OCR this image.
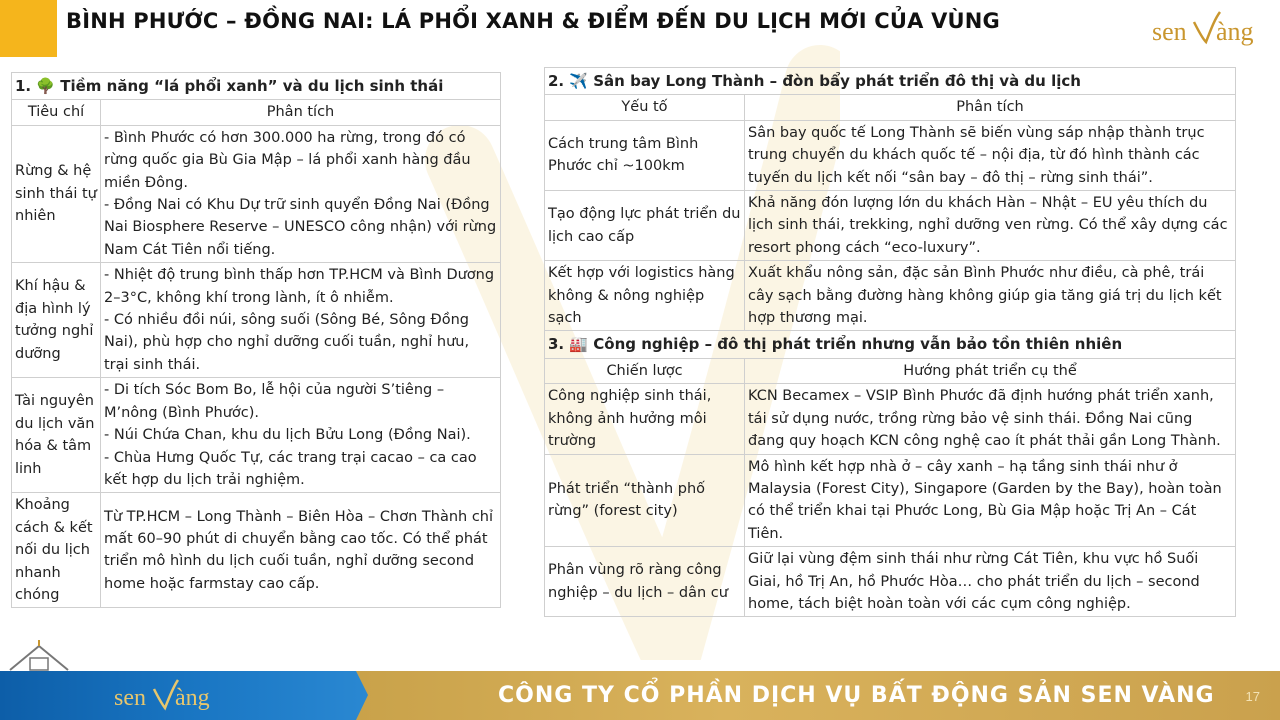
BÌNH PHƯỚC – ĐỒNG NAI: LÁ PHỔI XANH & ĐIỂM ĐẾN DU LỊCH MỚI CỦA VÙNG	sen àng
1. 🌳 Tiềm năng “lá phổi xanh” và du lịch sinh thái	
Tiêu chí	Phân tích
Rừng & hệ sinh thái tự nhiên	- Bình Phước có hơn 300.000 ha rừng, trong đó có rừng quốc gia Bù Gia Mập – lá phổi xanh hàng đầu miền Đông.
- Đồng Nai có Khu Dự trữ sinh quyển Đồng Nai (Đồng Nai Biosphere Reserve – UNESCO công nhận) với rừng Nam Cát Tiên nổi tiếng.
Khí hậu & địa hình lý tưởng nghỉ dưỡng	- Nhiệt độ trung bình thấp hơn TP.HCM và Bình Dương 2–3°C, không khí trong lành, ít ô nhiễm.
- Có nhiều đồi núi, sông suối (Sông Bé, Sông Đồng Nai), phù hợp cho nghỉ dưỡng cuối tuần, nghỉ hưu, trại sinh thái.
Tài nguyên du lịch văn hóa & tâm linh	- Di tích Sóc Bom Bo, lễ hội của người S’tiêng – M’nông (Bình Phước).
- Núi Chứa Chan, khu du lịch Bửu Long (Đồng Nai).
- Chùa Hưng Quốc Tự, các trang trại cacao – ca cao kết hợp du lịch trải nghiệm.
Khoảng cách & kết nối du lịch nhanh chóng	Từ TP.HCM – Long Thành – Biên Hòa – Chơn Thành chỉ mất 60–90 phút di chuyển bằng cao tốc. Có thể phát triển mô hình du lịch cuối tuần, nghỉ dưỡng second home hoặc farmstay cao cấp.
2. ✈️ Sân bay Long Thành – đòn bẩy phát triển đô thị và du lịch	
Yếu tố	Phân tích
Cách trung tâm Bình Phước chỉ ~100km	Sân bay quốc tế Long Thành sẽ biến vùng sáp nhập thành trục trung chuyển du khách quốc tế – nội địa, từ đó hình thành các tuyến du lịch kết nối “sân bay – đô thị – rừng sinh thái”.
Tạo động lực phát triển du lịch cao cấp	Khả năng đón lượng lớn du khách Hàn – Nhật – EU yêu thích du lịch sinh thái, trekking, nghỉ dưỡng ven rừng. Có thể xây dựng các resort phong cách “eco-luxury”.
Kết hợp với logistics hàng không & nông nghiệp sạch	Xuất khẩu nông sản, đặc sản Bình Phước như điều, cà phê, trái cây sạch bằng đường hàng không giúp gia tăng giá trị du lịch kết hợp thương mại.
3. 🏭 Công nghiệp – đô thị phát triển nhưng vẫn bảo tồn thiên nhiên	
Chiến lược	Hướng phát triển cụ thể
Công nghiệp sinh thái, không ảnh hưởng môi trường	KCN Becamex – VSIP Bình Phước đã định hướng phát triển xanh, tái sử dụng nước, trồng rừng bảo vệ sinh thái. Đồng Nai cũng đang quy hoạch KCN công nghệ cao ít phát thải gần Long Thành.
Phát triển “thành phố rừng” (forest city)	Mô hình kết hợp nhà ở – cây xanh – hạ tầng sinh thái như ở Malaysia (Forest City), Singapore (Garden by the Bay), hoàn toàn có thể triển khai tại Phước Long, Bù Gia Mập hoặc Trị An – Cát Tiên.
Phân vùng rõ ràng công nghiệp – du lịch – dân cư	Giữ lại vùng đệm sinh thái như rừng Cát Tiên, khu vực hồ Suối Giai, hồ Trị An, hồ Phước Hòa… cho phát triển du lịch – second home, tách biệt hoàn toàn với các cụm công nghiệp.
sen àng	CÔNG TY CỔ PHẦN DỊCH VỤ BẤT ĐỘNG SẢN SEN VÀNG 17
